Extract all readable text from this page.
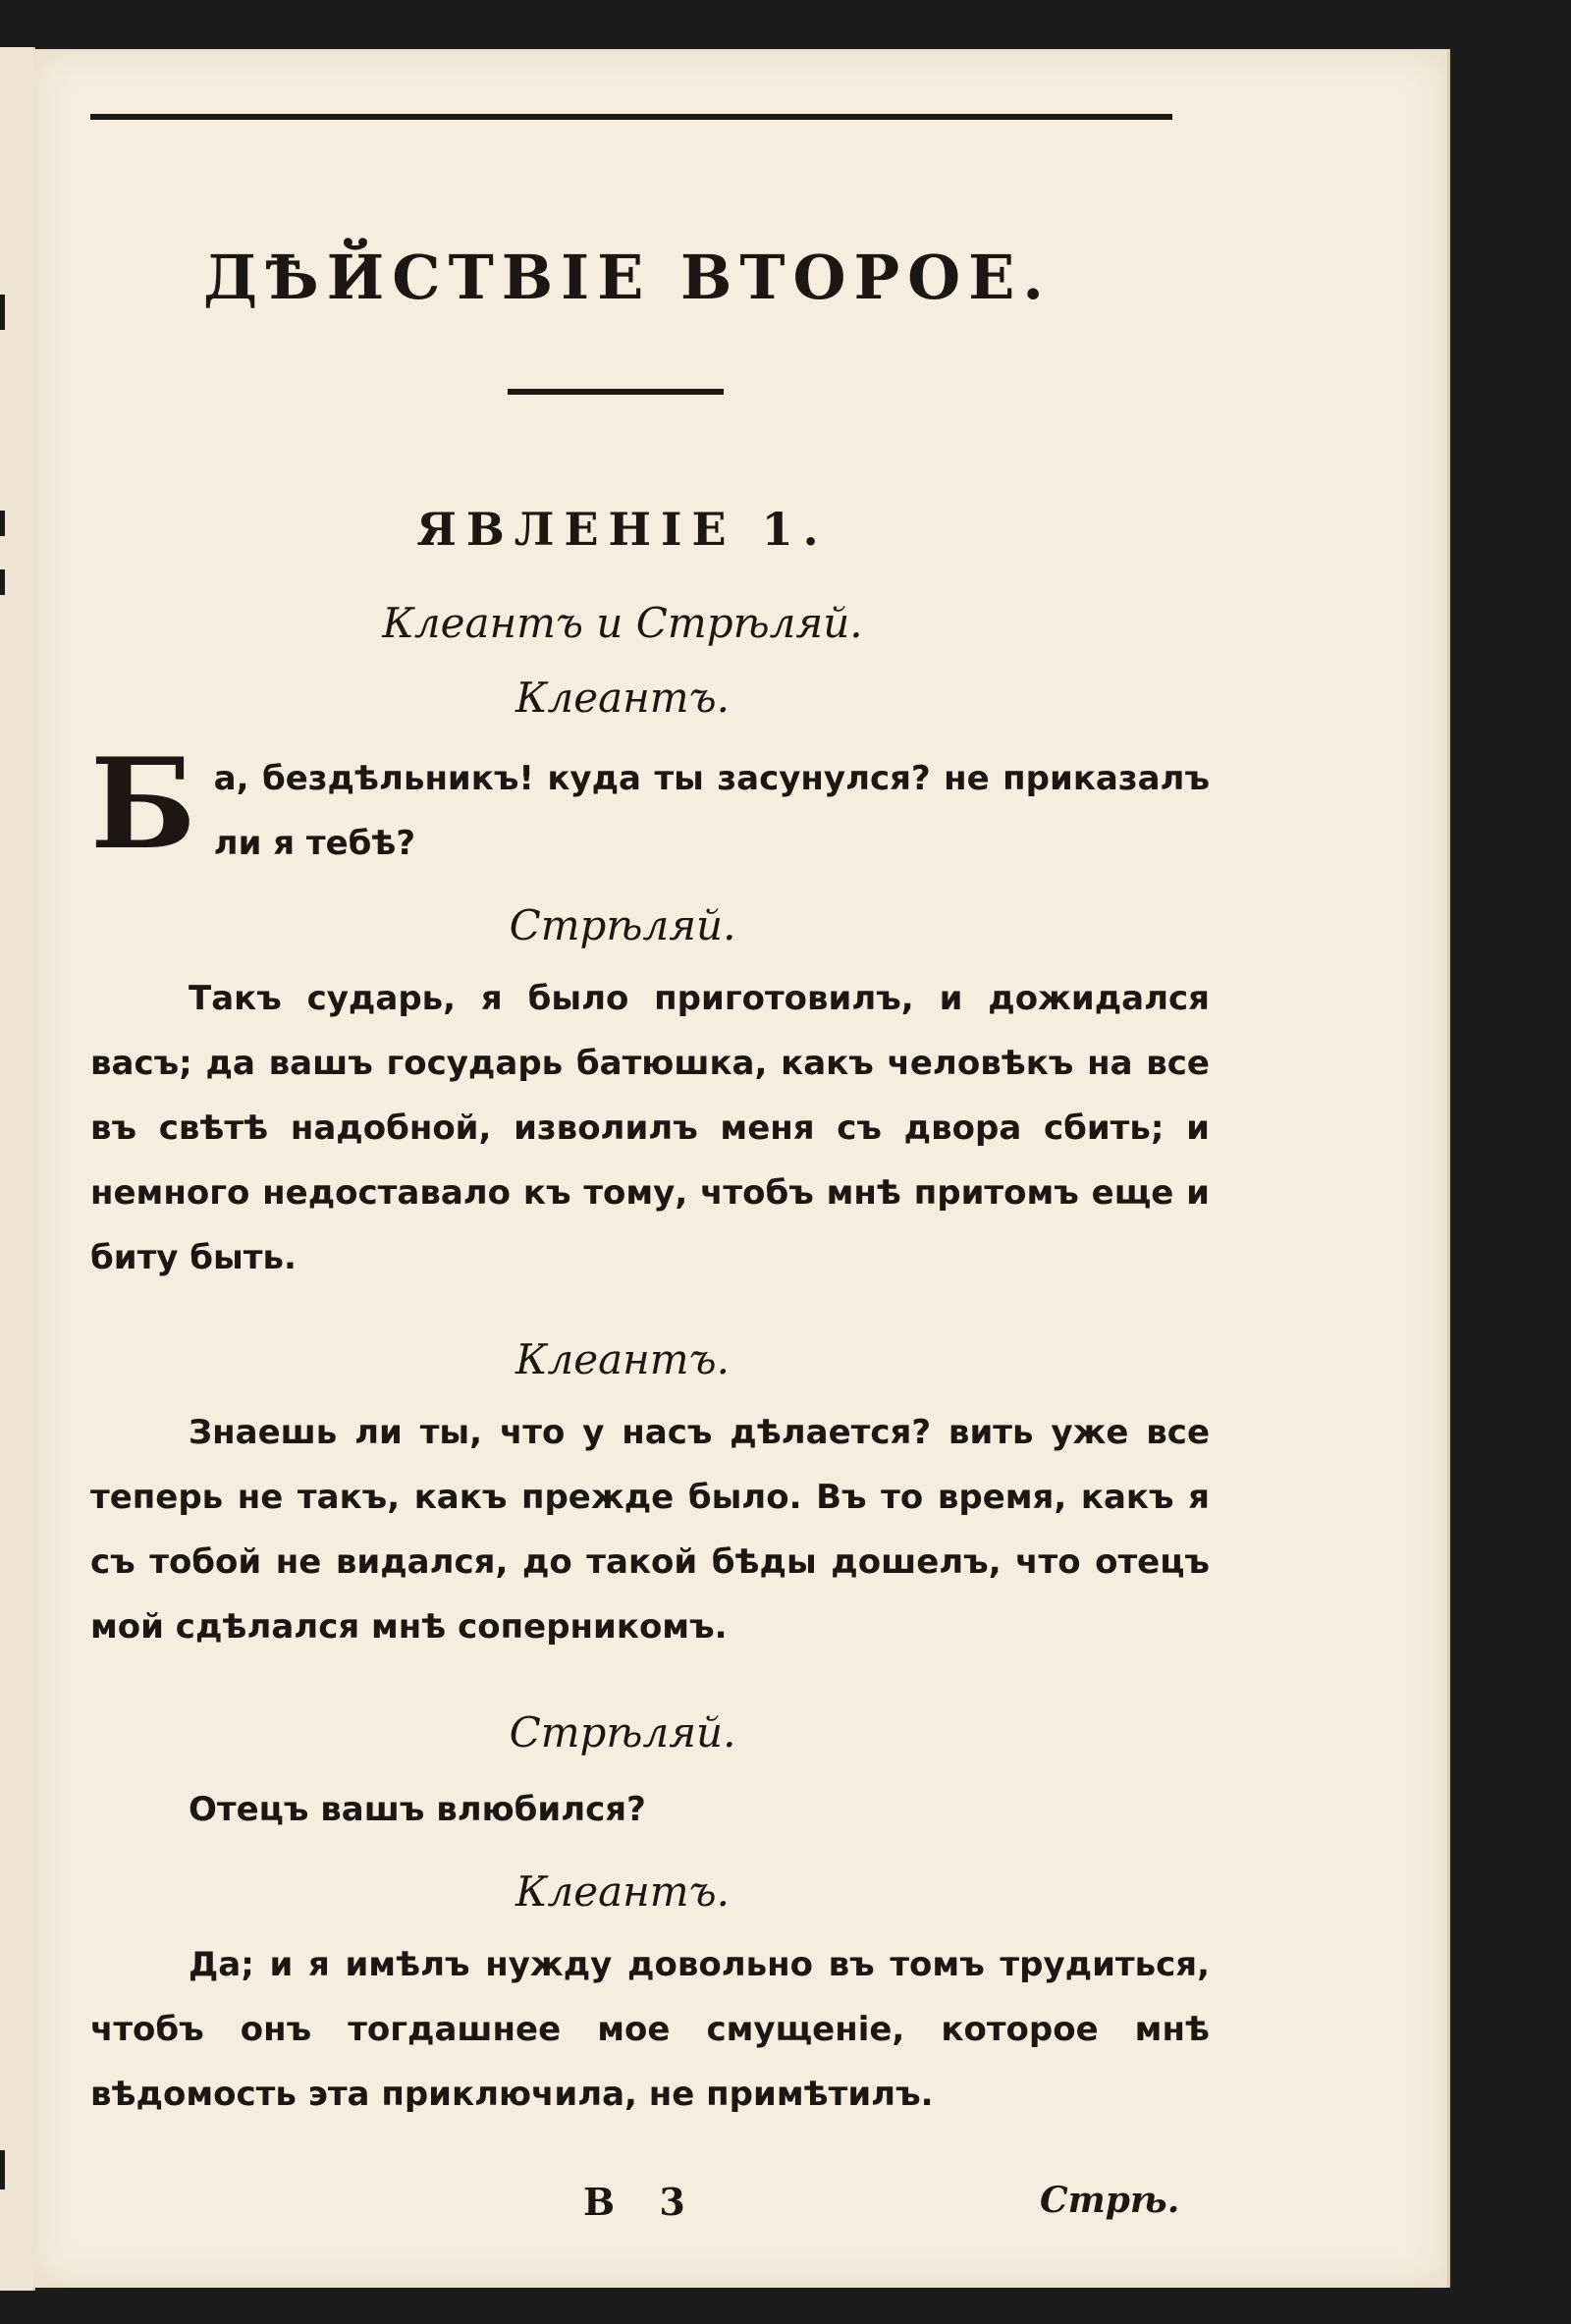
ДѢЙСТВІЕ ВТОРОЕ.
ЯВЛЕНІЕ 1.
Клеантъ и Стрѣляй.
Клеантъ.
Ба, бездѣльникъ! куда ты засунулся? не приказалъ ли я тебѣ?
Стрѣляй.
Такъ сударь, я было приготовилъ, и дожидался васъ; да вашъ государь батюшка, какъ человѣкъ на все въ свѣтѣ надобной, изволилъ меня съ двора сбить; и немного недоставало къ тому, чтобъ мнѣ притомъ еще и биту быть.
Клеантъ.
Знаешь ли ты, что у насъ дѣлается? вить уже все теперь не такъ, какъ прежде было. Въ то время, какъ я съ тобой не видался, до такой бѣды дошелъ, что отецъ мой сдѣлался мнѣ соперникомъ.
Стрѣляй.
Отецъ вашъ влюбился?
Клеантъ.
Да; и я имѣлъ нужду довольно въ томъ трудиться, чтобъ онъ тогдашнее мое смущеніе, которое мнѣ вѣдомость эта приключила, не примѣтилъ.
В 3	Стрѣ.
